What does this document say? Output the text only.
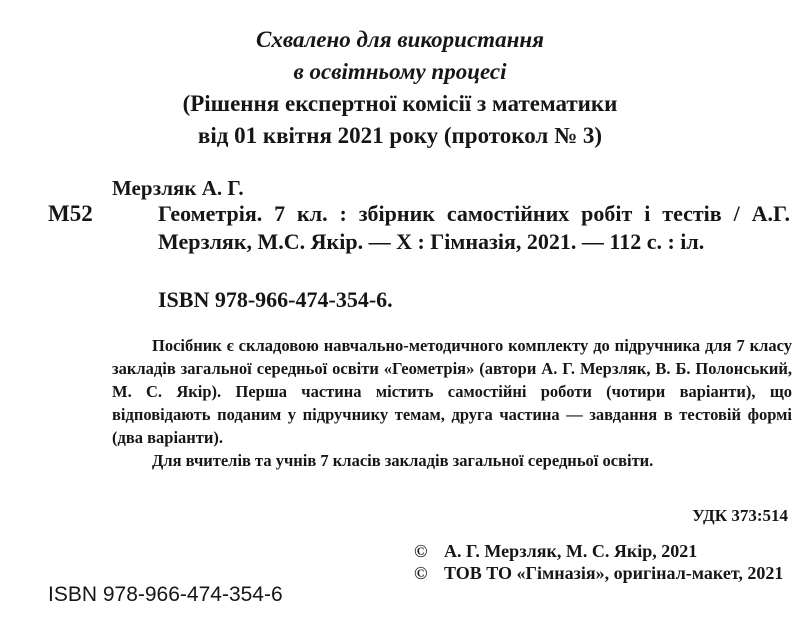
Схвалено для використання
в освітньому процесі
(Рішення експертної комісії з математики
від 01 квітня 2021 року (протокол № 3)
Мерзляк А. Г.
М52	Геометрія. 7 кл. : збірник самостійних робіт і тестів / А.Г. Мерзляк, М.С. Якір. — Х : Гімназія, 2021. — 112 с. : іл.
ISBN 978-966-474-354-6.

Посібник є складовою навчально-методичного комплекту до підручника для 7 класу закладів загальної середньої освіти «Геометрія» (автори А. Г. Мерзляк, В. Б. Полонський, М. С. Якір). Перша частина містить самостійні роботи (чотири варіанти), що відповідають поданим у підручнику темам, друга частина — завдання в тестовій формі (два варіанти).

Для вчителів та учнів 7 класів закладів загальної середньої освіти.

УДК 373:514
© А. Г. Мерзляк, М. С. Якір, 2021
© ТОВ ТО «Гімназія», оригінал-макет, 2021
ISBN 978-966-474-354-6
